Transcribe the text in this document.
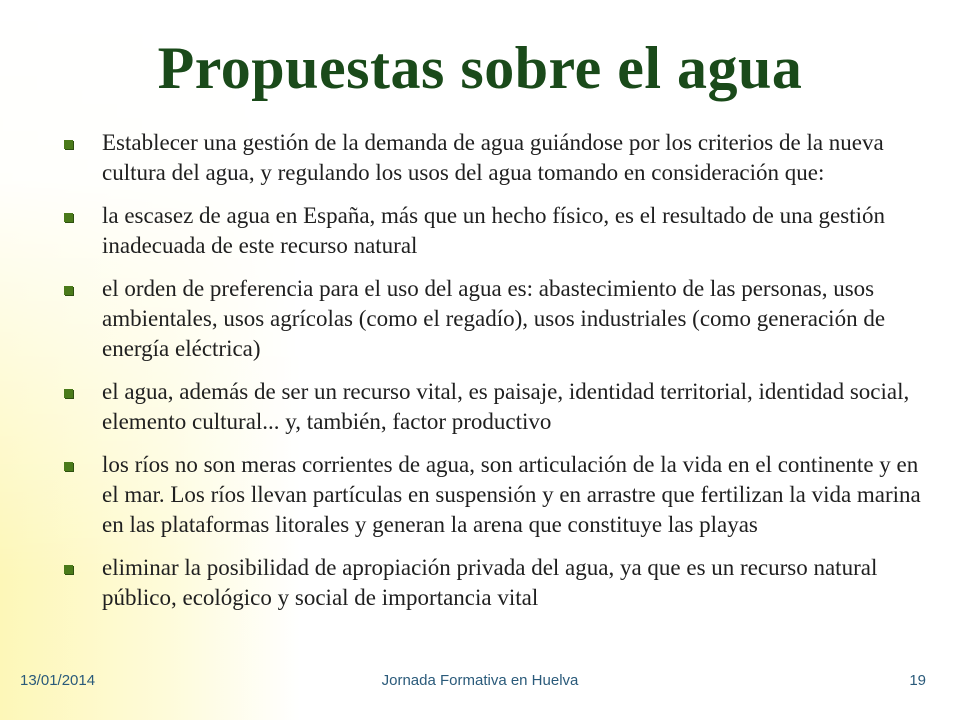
Propuestas sobre el agua
Establecer una gestión de la demanda de agua guiándose por los criterios de la nueva cultura del agua, y regulando los usos del agua tomando en consideración que:
la escasez de agua en España, más que un hecho físico, es el resultado de una gestión inadecuada de este recurso natural
el orden de preferencia para el uso del agua es: abastecimiento de las personas, usos ambientales, usos agrícolas (como el regadío), usos industriales (como generación de energía eléctrica)
el agua, además de ser un recurso vital, es paisaje, identidad territorial, identidad social, elemento cultural... y, también, factor productivo
los ríos no son meras corrientes de agua, son articulación de la vida en el continente y en el mar. Los ríos llevan partículas en suspensión y en arrastre que fertilizan la vida marina en las plataformas litorales y generan la arena que constituye las playas
eliminar la posibilidad de apropiación privada del agua, ya que es un recurso natural público, ecológico y social de importancia vital
13/01/2014	Jornada Formativa en Huelva	19
